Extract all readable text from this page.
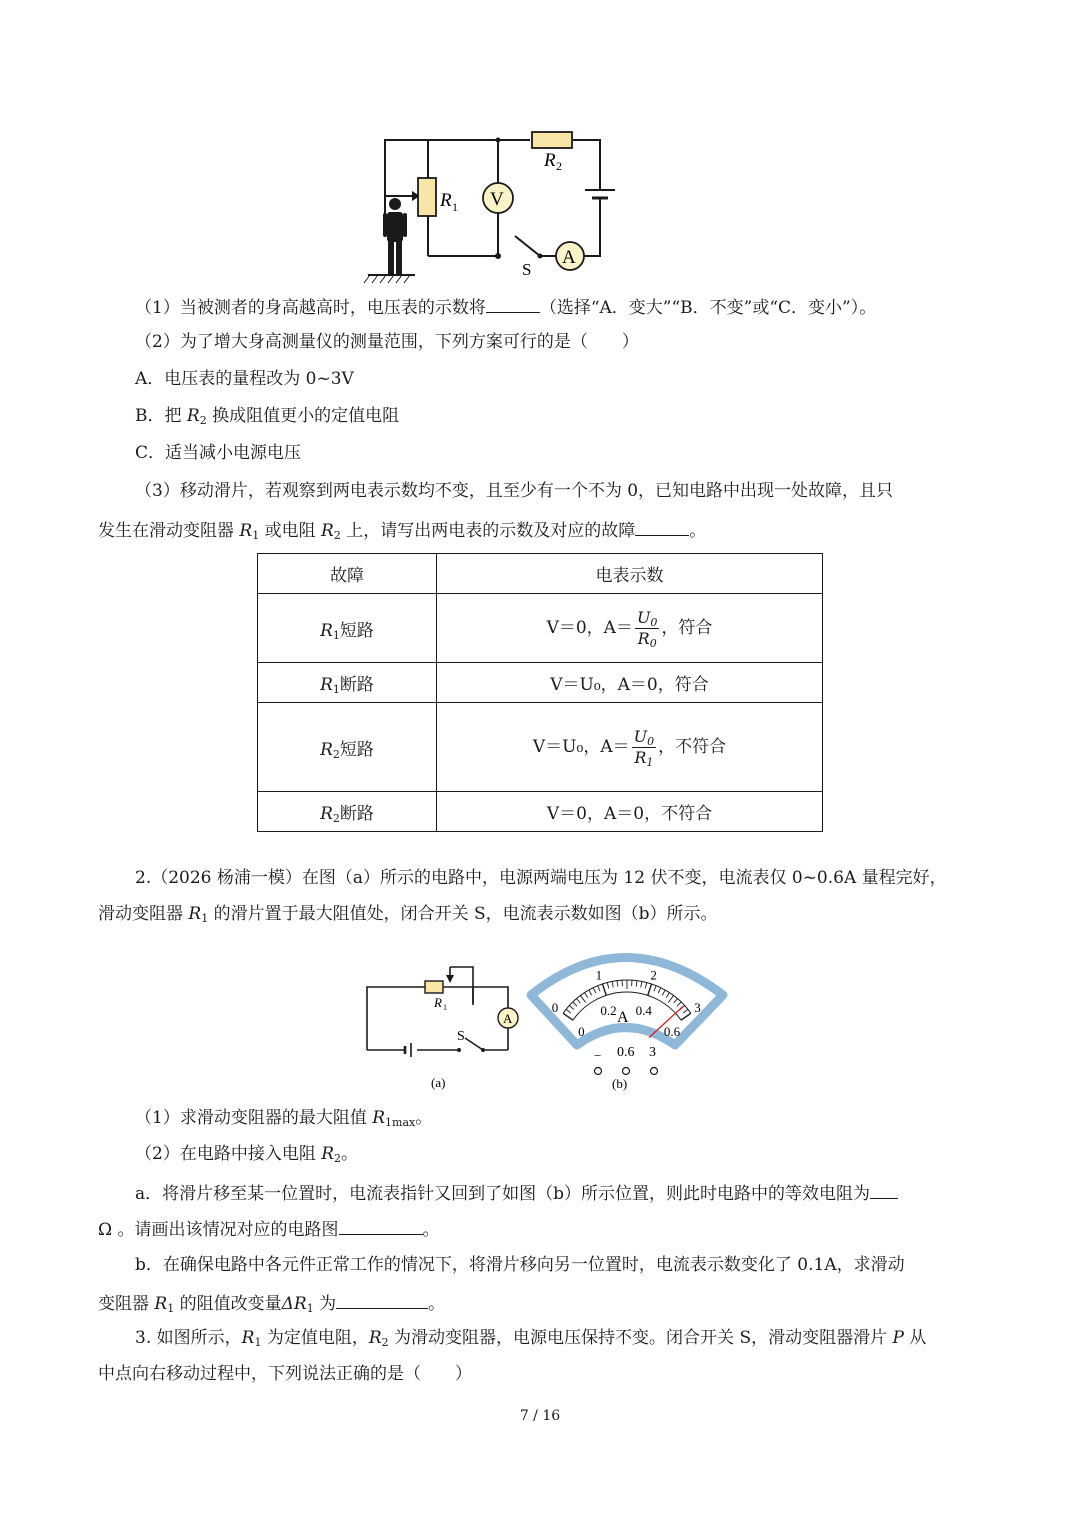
R 1
R 2
V
A
S
（1）当被测者的身高越高时，电压表的示数将	（选择“A．变大”“B．不变”或“C．变小”）。
（2）为了增大身高测量仪的测量范围，下列方案可行的是（　　）
A．电压表的量程改为 0~3V
B．把 $R_2$ 换成阻值更小的定值电阻
C．适当减小电源电压
（3）移动滑片，若观察到两电表示数均不变，且至少有一个不为 0，已知电路中出现一处故障，且只
发生在滑动变阻器 $R_1$ 或电阻 $R_2$ 上，请写出两电表的示数及对应的故障	。
故障	电表示数
$R_1$短路	V＝0，$A= \frac{U_0}{R_0}$ ，符合
$R_1$断路	V＝U₀，A＝0，符合
$R_2$短路	V＝U₀，$A= \frac{U_0}{R_1}$ ，不符合
$R_2$断路	V＝0，A＝0，不符合
2.（2026 杨浦一模）在图（a）所示的电路中，电源两端电压为 12 伏不变，电流表仅 0~0.6A 量程完好，
滑动变阻器 $R_1$ 的滑片置于最大阻值处，闭合开关 S，电流表示数如图（b）所示。
R 1
A
S
(a)
0
1	2
3
0
0.2 0.4
0.6
A
− 0.6 3
(b)
（1）求滑动变阻器的最大阻值 $R_{1max}$。
（2）在电路中接入电阻 $R_2$。
a．将滑片移至某一位置时，电流表指针又回到了如图（b）所示位置，则此时电路中的等效电阻为
Ω 。请画出该情况对应的电路图	。
b．在确保电路中各元件正常工作的情况下，将滑片移向另一位置时，电流表示数变化了 0.1A，求滑动
变阻器 $R_1$ 的阻值改变量$\Delta R_1$ 为	。
3. 如图所示，$R_1$ 为定值电阻，$R_2$ 为滑动变阻器，电源电压保持不变。闭合开关 S，滑动变阻器滑片 P 从
中点向右移动过程中，下列说法正确的是（　　）
7 / 16
